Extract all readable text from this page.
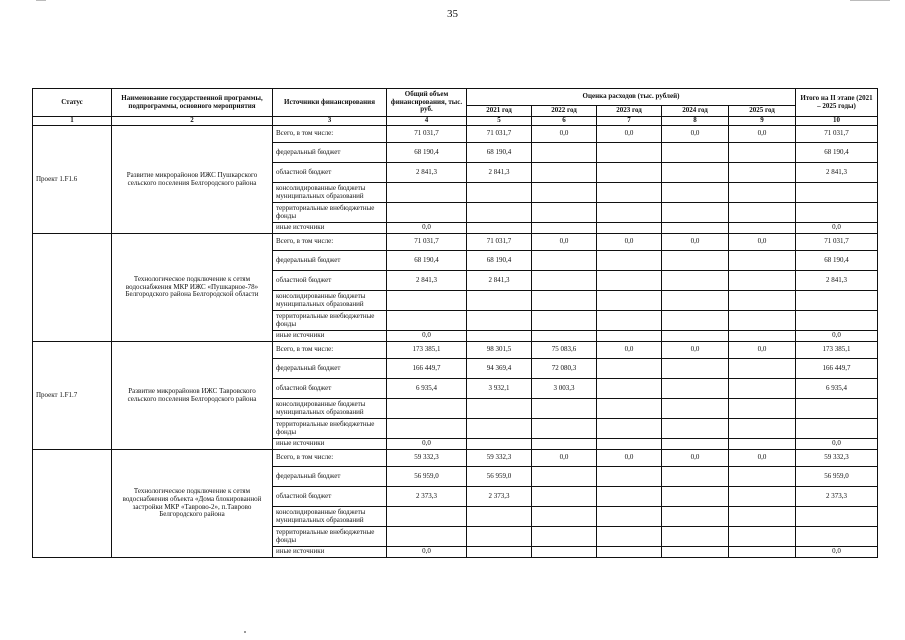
35
Статус	Наименование государственной программы, подпрограммы, основного мероприятия	Источники финансирования	Общий объем финансирования, тыс. руб.	Оценка расходов (тыс. рублей)					Итого на II этапе (2021 – 2025 годы)
				2021 год	2022 год	2023 год	2024 год	2025 год	
1	2	3	4	5	6	7	8	9	10
Проект 1.F1.6	Развитие микрорайонов ИЖС Пушкарского сельского поселения Белгородского района	Всего, в том числе:	71 031,7	71 031,7	0,0	0,0	0,0	0,0	71 031,7
		федеральный бюджет	68 190,4	68 190,4					68 190,4
		областной бюджет	2 841,3	2 841,3					2 841,3
		консолидированные бюджеты муниципальных образований							
		территориальные внебюджетные фонды							
		иные источники	0,0						0,0
	Технологическое подключение к сетям водоснабжения МКР ИЖС «Пушкарное-78» Белгородского района Белгородской области	Всего, в том числе:	71 031,7	71 031,7	0,0	0,0	0,0	0,0	71 031,7
		федеральный бюджет	68 190,4	68 190,4					68 190,4
		областной бюджет	2 841,3	2 841,3					2 841,3
		консолидированные бюджеты муниципальных образований							
		территориальные внебюджетные фонды							
		иные источники	0,0						0,0
Проект 1.F1.7	Развитие микрорайонов ИЖС Тавровского сельского поселения Белгородского района	Всего, в том числе:	173 385,1	98 301,5	75 083,6	0,0	0,0	0,0	173 385,1
		федеральный бюджет	166 449,7	94 369,4	72 080,3				166 449,7
		областной бюджет	6 935,4	3 932,1	3 003,3				6 935,4
		консолидированные бюджеты муниципальных образований							
		территориальные внебюджетные фонды							
		иные источники	0,0						0,0
	Технологическое подключение к сетям водоснабжения объекта «Дома блокированной застройки МКР «Таврово-2», п.Таврово Белгородского района	Всего, в том числе:	59 332,3	59 332,3	0,0	0,0	0,0	0,0	59 332,3
		федеральный бюджет	56 959,0	56 959,0					56 959,0
		областной бюджет	2 373,3	2 373,3					2 373,3
		консолидированные бюджеты муниципальных образований							
		территориальные внебюджетные фонды							
		иные источники	0,0						0,0
